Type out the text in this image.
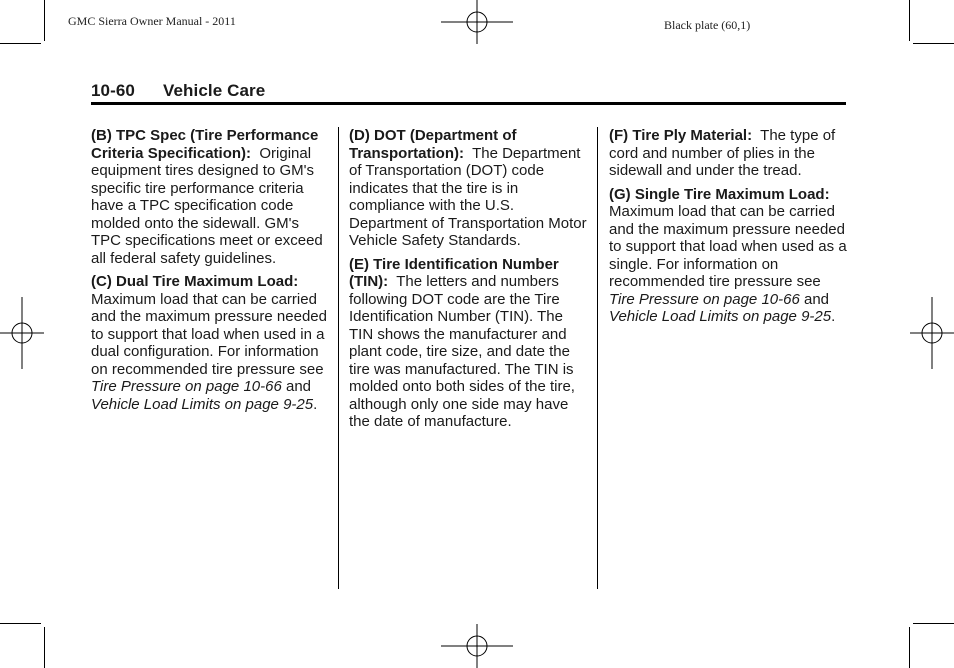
GMC Sierra Owner Manual - 2011	Black plate (60,1)
10-60 Vehicle Care

(B) TPC Spec (Tire Performance Criteria Specification): Original equipment tires designed to GM's specific tire performance criteria have a TPC specification code molded onto the sidewall. GM's TPC specifications meet or exceed all federal safety guidelines.

(C) Dual Tire Maximum Load: Maximum load that can be carried and the maximum pressure needed to support that load when used in a dual configuration. For information on recommended tire pressure see Tire Pressure on page 10-66 and Vehicle Load Limits on page 9-25.

(D) DOT (Department of Transportation): The Department of Transportation (DOT) code indicates that the tire is in compliance with the U.S. Department of Transportation Motor Vehicle Safety Standards.

(E) Tire Identification Number (TIN): The letters and numbers following DOT code are the Tire Identification Number (TIN). The TIN shows the manufacturer and plant code, tire size, and date the tire was manufactured. The TIN is molded onto both sides of the tire, although only one side may have the date of manufacture.

(F) Tire Ply Material: The type of cord and number of plies in the sidewall and under the tread.

(G) Single Tire Maximum Load:  Maximum load that can be carried and the maximum pressure needed to support that load when used as a single. For information on recommended tire pressure see Tire Pressure on page 10-66 and Vehicle Load Limits on page 9-25.
